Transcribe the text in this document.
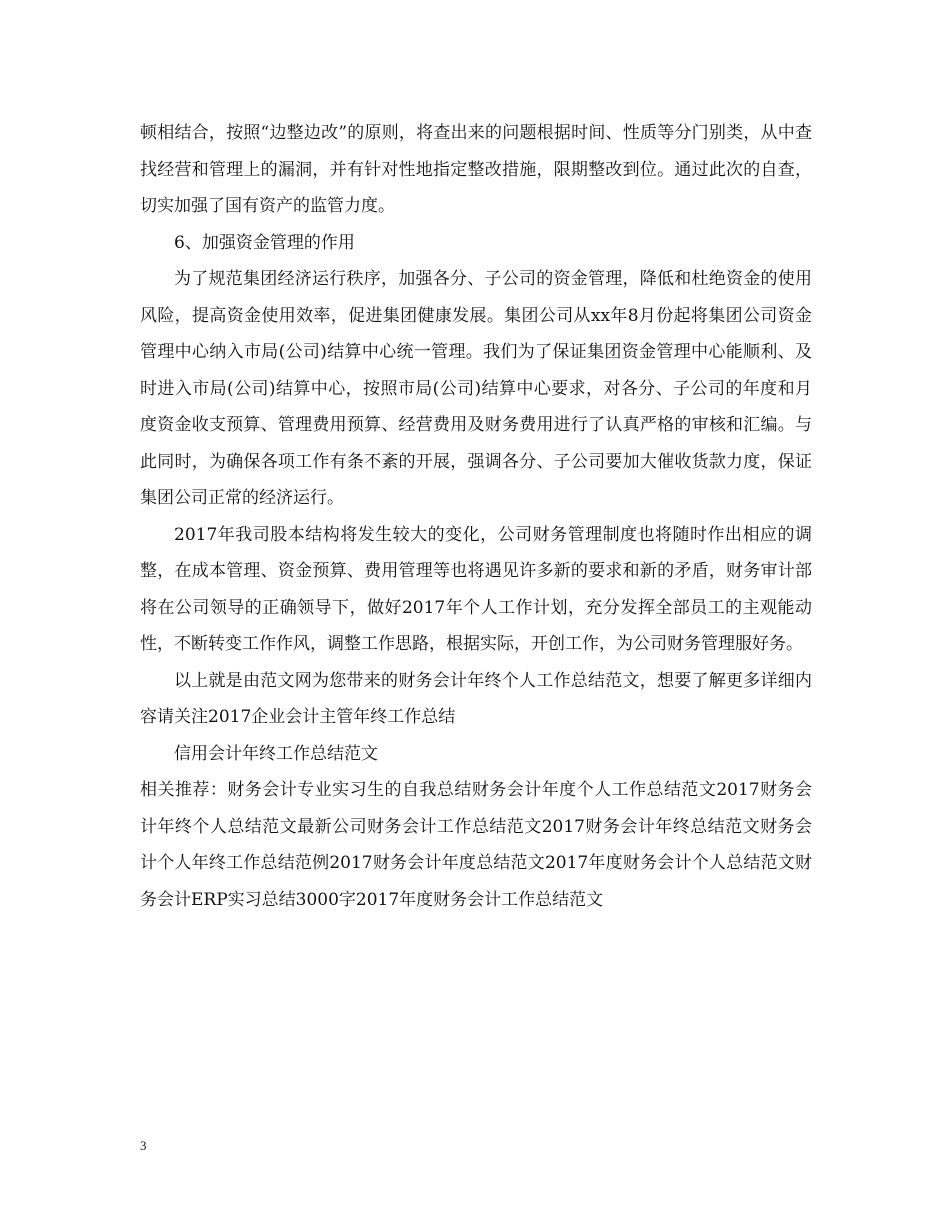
顿相结合，按照“边整边改”的原则，将查出来的问题根据时间、性质等分门别类，从中查找经营和管理上的漏洞，并有针对性地指定整改措施，限期整改到位。通过此次的自查，切实加强了国有资产的监管力度。

6、加强资金管理的作用

为了规范集团经济运行秩序，加强各分、子公司的资金管理，降低和杜绝资金的使用风险，提高资金使用效率，促进集团健康发展。集团公司从xx年8月份起将集团公司资金管理中心纳入市局(公司)结算中心统一管理。我们为了保证集团资金管理中心能顺利、及时进入市局(公司)结算中心，按照市局(公司)结算中心要求，对各分、子公司的年度和月度资金收支预算、管理费用预算、经营费用及财务费用进行了认真严格的审核和汇编。与此同时，为确保各项工作有条不紊的开展，强调各分、子公司要加大催收货款力度，保证集团公司正常的经济运行。

2017年我司股本结构将发生较大的变化，公司财务管理制度也将随时作出相应的调整，在成本管理、资金预算、费用管理等也将遇见许多新的要求和新的矛盾，财务审计部将在公司领导的正确领导下，做好2017年个人工作计划，充分发挥全部员工的主观能动性，不断转变工作作风，调整工作思路，根据实际，开创工作，为公司财务管理服好务。

以上就是由范文网为您带来的财务会计年终个人工作总结范文，想要了解更多详细内容请关注2017企业会计主管年终工作总结

信用会计年终工作总结范文

相关推荐：财务会计专业实习生的自我总结财务会计年度个人工作总结范文2017财务会计年终个人总结范文最新公司财务会计工作总结范文2017财务会计年终总结范文财务会计个人年终工作总结范例2017财务会计年度总结范文2017年度财务会计个人总结范文财务会计ERP实习总结3000字2017年度财务会计工作总结范文

3
